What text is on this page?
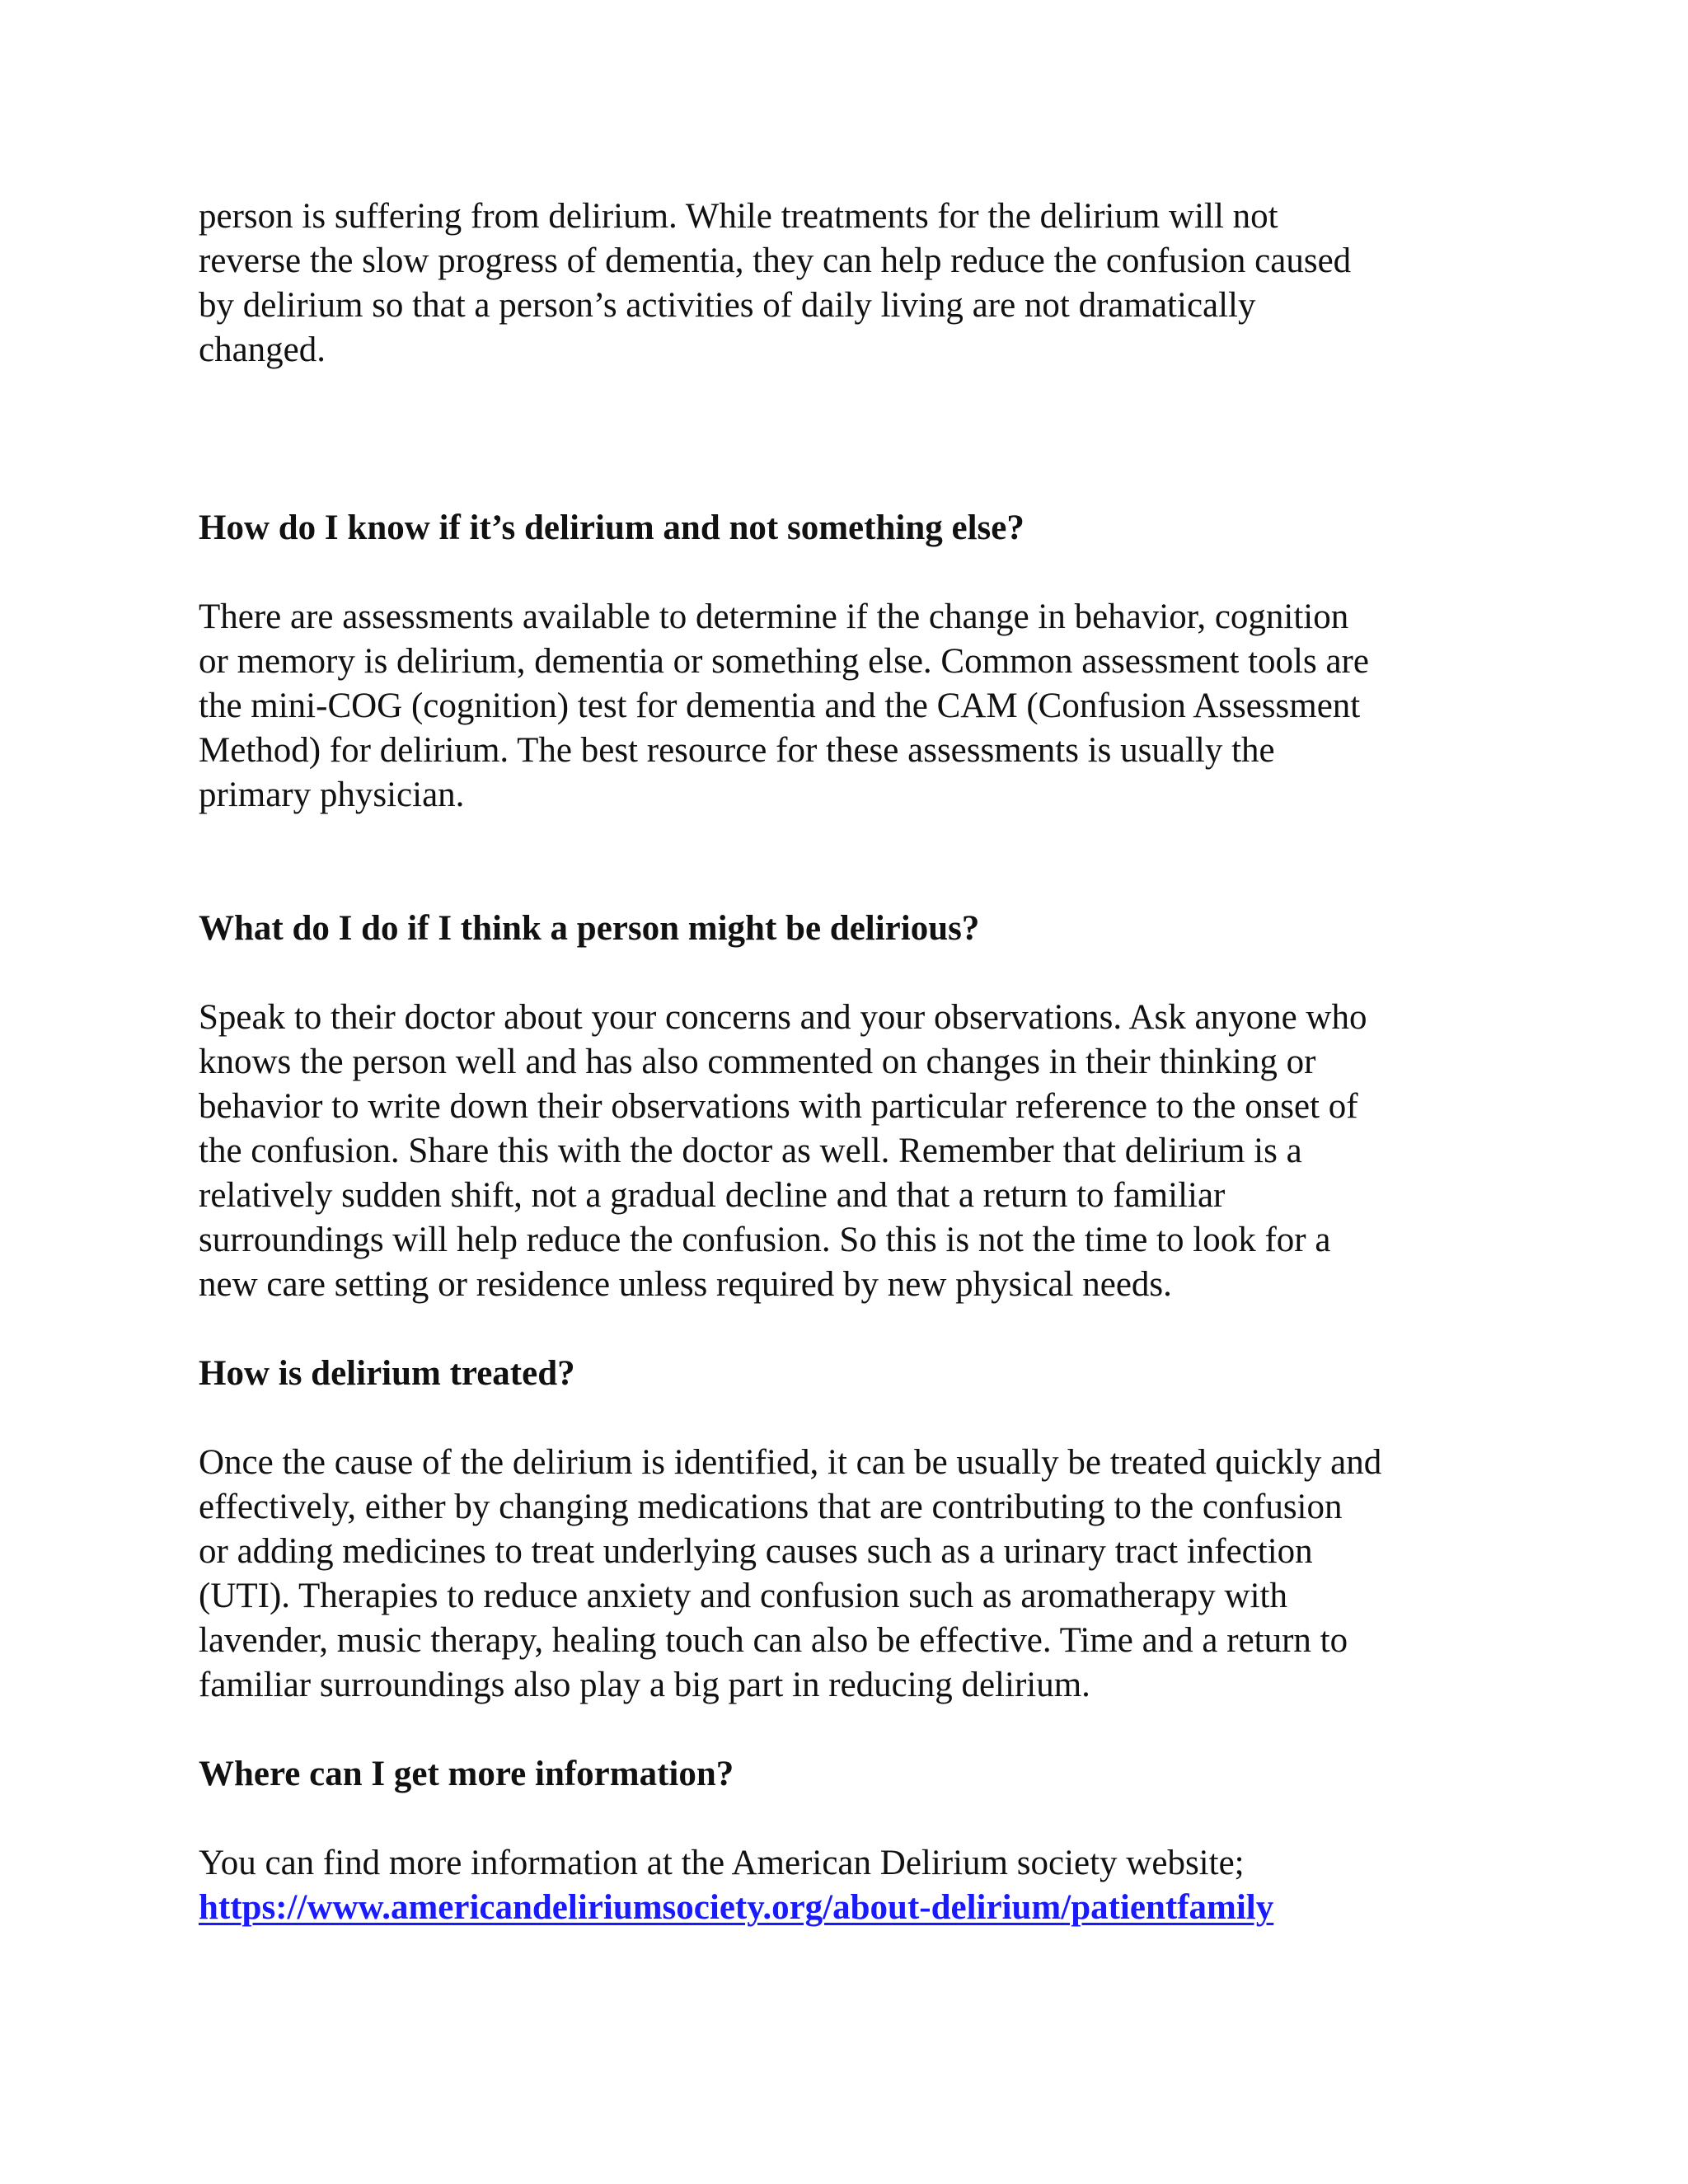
person is suffering from delirium. While treatments for the delirium will not
reverse the slow progress of dementia, they can help reduce the confusion caused
by delirium so that a person’s activities of daily living are not dramatically
changed.
How do I know if it’s delirium and not something else?
There are assessments available to determine if the change in behavior, cognition
or memory is delirium, dementia or something else. Common assessment tools are
the mini-COG (cognition) test for dementia and the CAM (Confusion Assessment
Method) for delirium. The best resource for these assessments is usually the
primary physician.
What do I do if I think a person might be delirious?
Speak to their doctor about your concerns and your observations. Ask anyone who
knows the person well and has also commented on changes in their thinking or
behavior to write down their observations with particular reference to the onset of
the confusion. Share this with the doctor as well. Remember that delirium is a
relatively sudden shift, not a gradual decline and that a return to familiar
surroundings will help reduce the confusion. So this is not the time to look for a
new care setting or residence unless required by new physical needs.
How is delirium treated?
Once the cause of the delirium is identified, it can be usually be treated quickly and
effectively, either by changing medications that are contributing to the confusion
or adding medicines to treat underlying causes such as a urinary tract infection
(UTI). Therapies to reduce anxiety and confusion such as aromatherapy with
lavender, music therapy, healing touch can also be effective. Time and a return to
familiar surroundings also play a big part in reducing delirium.
Where can I get more information?
You can find more information at the American Delirium society website;
https://www.americandeliriumsociety.org/about-delirium/patientfamily
